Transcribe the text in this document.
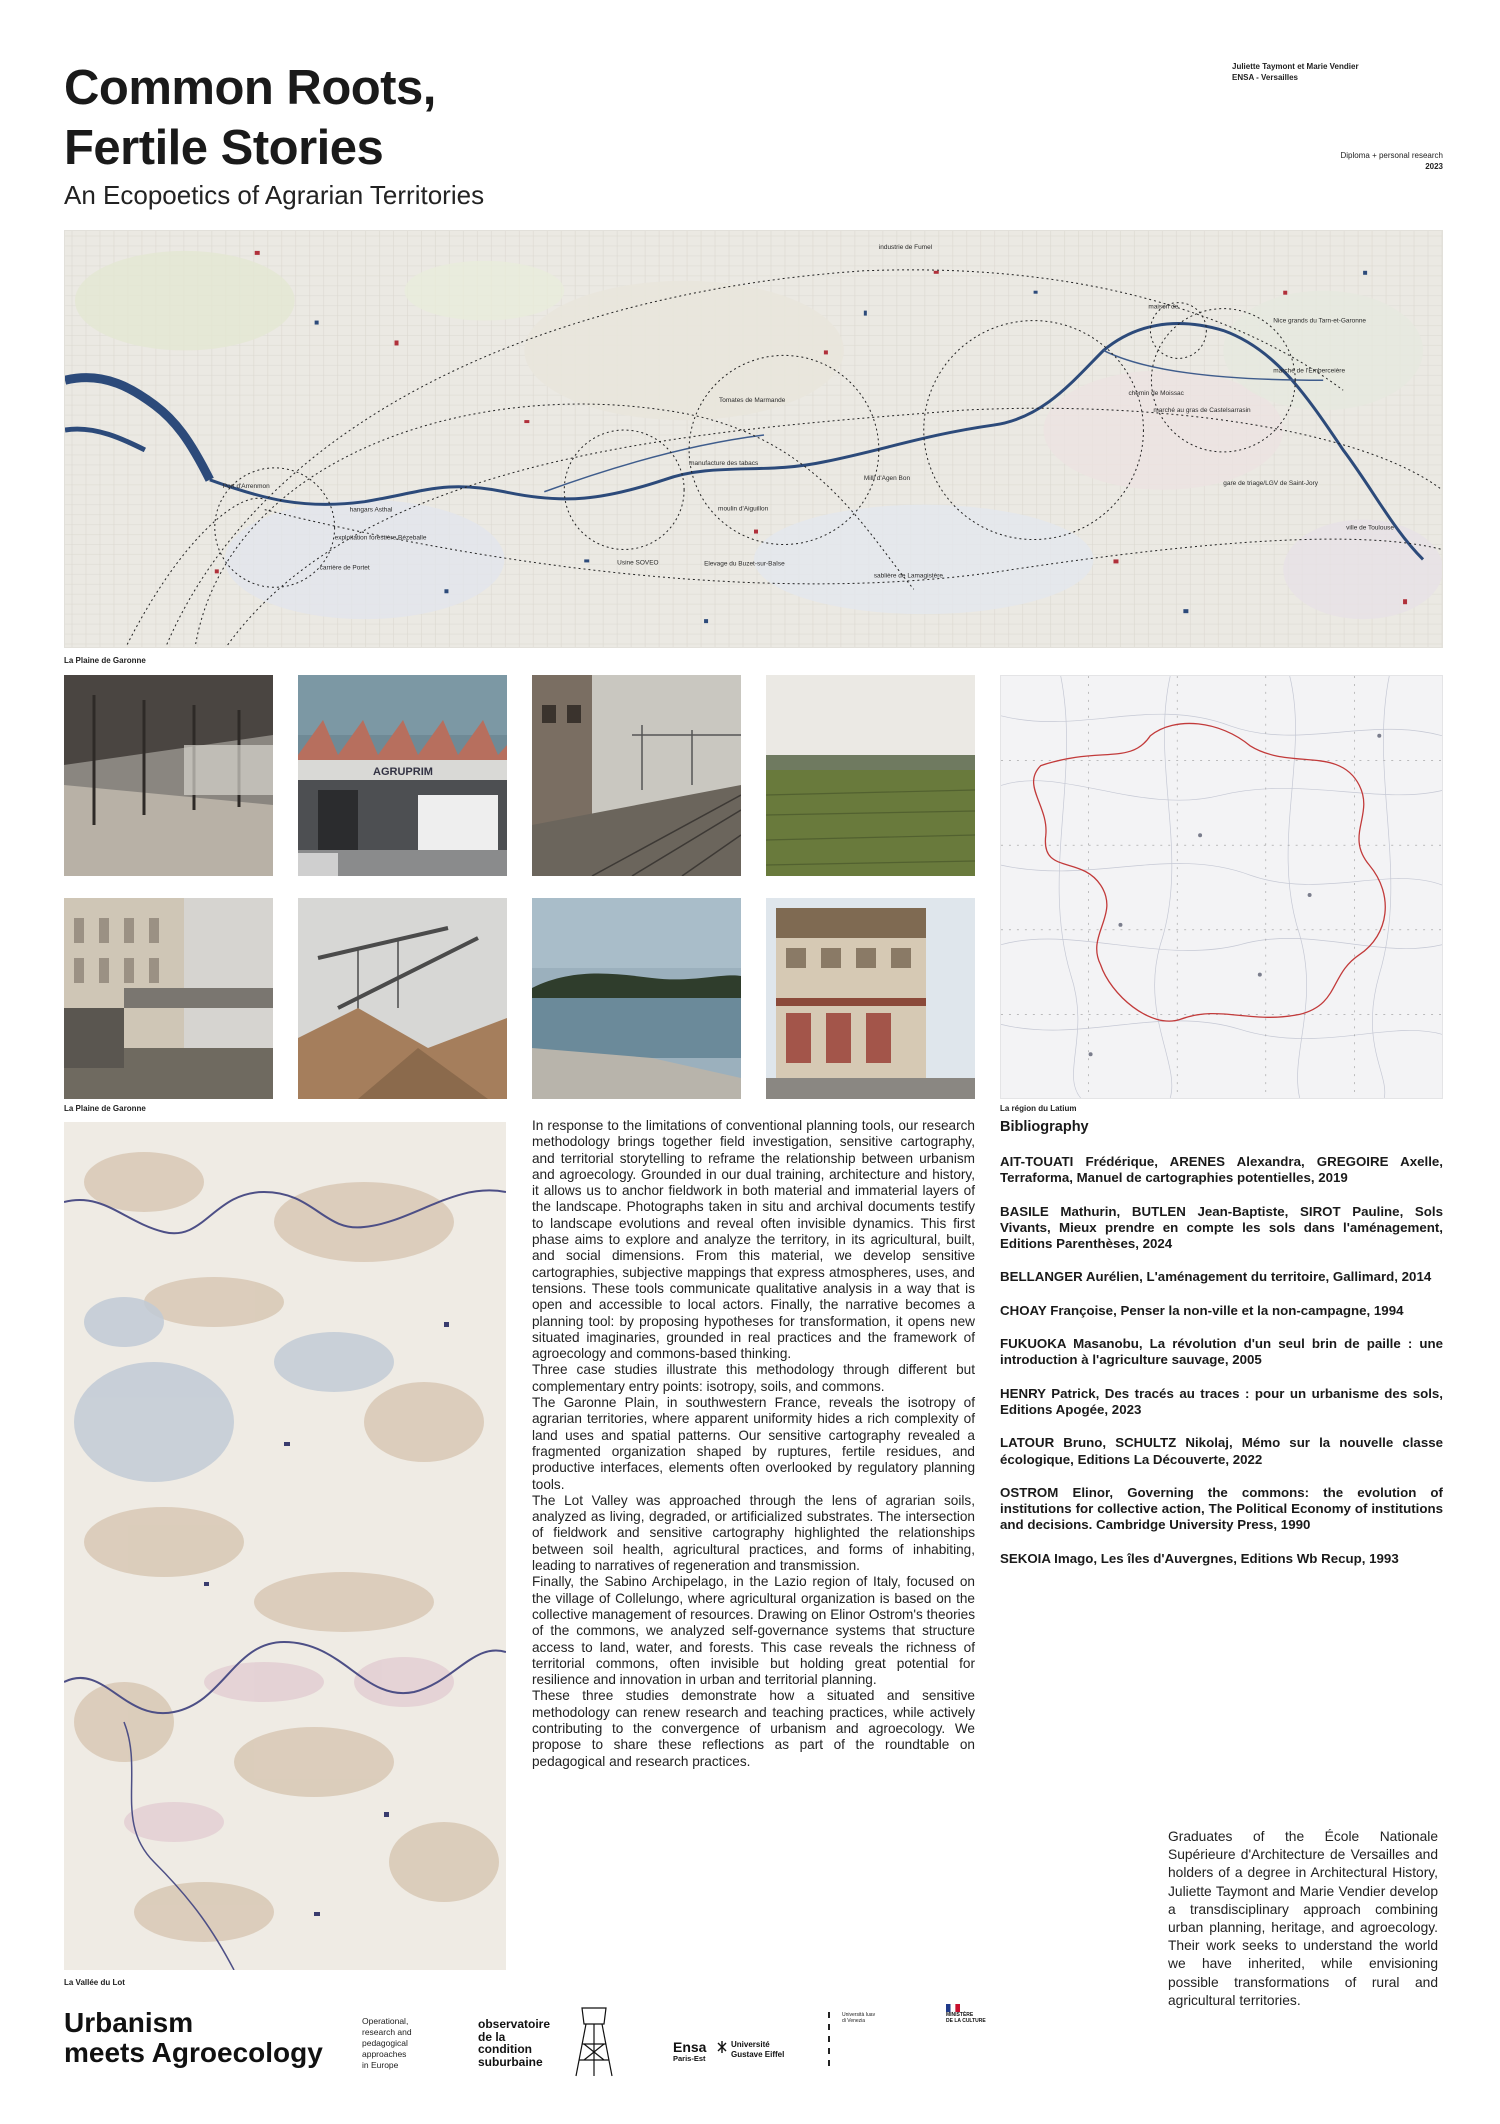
Common Roots,
Fertile Stories
An Ecopoetics of Agrarian Territories
Juliette Taymont et Marie Vendier
ENSA - Versailles
Diploma + personal research
2023
industrie de Fumel
maison de
Nice grands du Tarn-et-Garonne
marché de l'Emberceière
chemin de Moissac
marché au gras de Castelsarrasin
Tomates de Marmande
manufacture des tabacs
Milli d'Agen Bon
gare de triage/LGV de Saint-Jory
ville de Toulouse
Port d'Arrenmon
hangars Asthal
exploitation forestière Bézeballe
carrière de Portet
moulin d'Aiguillon
Usine SOVEO	Elevage du Buzet-sur-Baïse
sablière de Lamagistère
La Plaine de Garonne
AGRUPRIM
La Plaine de Garonne	La région du Latium
La Vallée du Lot

In response to the limitations of conventional planning tools, our research methodology brings together field investigation, sensitive cartography, and territorial storytelling to reframe the relationship between urbanism and agroecology. Grounded in our dual training, architecture and history, it allows us to anchor fieldwork in both material and immaterial layers of the landscape. Photographs taken in situ and archival documents testify to landscape evolutions and reveal often invisible dynamics. This first phase aims to explore and analyze the territory, in its agricultural, built, and social dimensions. From this material, we develop sensitive cartographies, subjective mappings that express atmospheres, uses, and tensions. These tools communicate qualitative analysis in a way that is open and accessible to local actors. Finally, the narrative becomes a planning tool: by proposing hypotheses for transformation, it opens new situated imaginaries, grounded in real practices and the framework of agroecology and commons-based thinking.

Three case studies illustrate this methodology through different but complementary entry points: isotropy, soils, and commons.

The Garonne Plain, in southwestern France, reveals the isotropy of agrarian territories, where apparent uniformity hides a rich complexity of land uses and spatial patterns. Our sensitive cartography revealed a fragmented organization shaped by ruptures, fertile residues, and productive interfaces, elements often overlooked by regulatory planning tools.

The Lot Valley was approached through the lens of agrarian soils, analyzed as living, degraded, or artificialized substrates. The intersection of fieldwork and sensitive cartography highlighted the relationships between soil health, agricultural practices, and forms of inhabiting, leading to narratives of regeneration and transmission.

Finally, the Sabino Archipelago, in the Lazio region of Italy, focused on the village of Collelungo, where agricultural organization is based on the collective management of resources. Drawing on Elinor Ostrom's theories of the commons, we analyzed self-governance systems that structure access to land, water, and forests. This case reveals the richness of territorial commons, often invisible but holding great potential for resilience and innovation in urban and territorial planning.

These three studies demonstrate how a situated and sensitive methodology can renew research and teaching practices, while actively contributing to the convergence of urbanism and agroecology. We propose to share these reflections as part of the roundtable on pedagogical and research practices.

Bibliography
AIT-TOUATI Frédérique, ARENES Alexandra, GREGOIRE Axelle, Terraforma, Manuel de cartographies potentielles, 2019
BASILE Mathurin, BUTLEN Jean-Baptiste, SIROT Pauline, Sols Vivants, Mieux prendre en compte les sols dans l'aménagement, Editions Parenthèses, 2024
BELLANGER Aurélien, L'aménagement du territoire, Gallimard, 2014
CHOAY Françoise, Penser la non-ville et la non-campagne, 1994
FUKUOKA Masanobu, La révolution d'un seul brin de paille : une introduction à l'agriculture sauvage, 2005
HENRY Patrick, Des tracés au traces : pour un urbanisme des sols, Editions Apogée, 2023
LATOUR Bruno, SCHULTZ Nikolaj, Mémo sur la nouvelle classe écologique, Editions La Découverte, 2022
OSTROM Elinor, Governing the commons: the evolution of institutions for collective action, The Political Economy of institutions and decisions. Cambridge University Press, 1990
SEKOIA Imago, Les îles d'Auvergnes, Editions Wb Recup, 1993
Graduates of the École Nationale Supérieure d'Architecture de Versailles and holders of a degree in Architectural History, Juliette Taymont and Marie Vendier develop a transdisciplinary approach combining urban planning, heritage, and agroecology. Their work seeks to understand the world we have inherited, while envisioning possible transformations of rural and agricultural territories.
Urbanism
meets Agroecology
Operational,
research and
pedagogical
approaches
in Europe
observatoire
de la
condition
suburbaine
Ensa
Paris-Est
Université
Gustave Eiffel
Università Iuav
di Venezia
MINISTÈRE
DE LA CULTURE
